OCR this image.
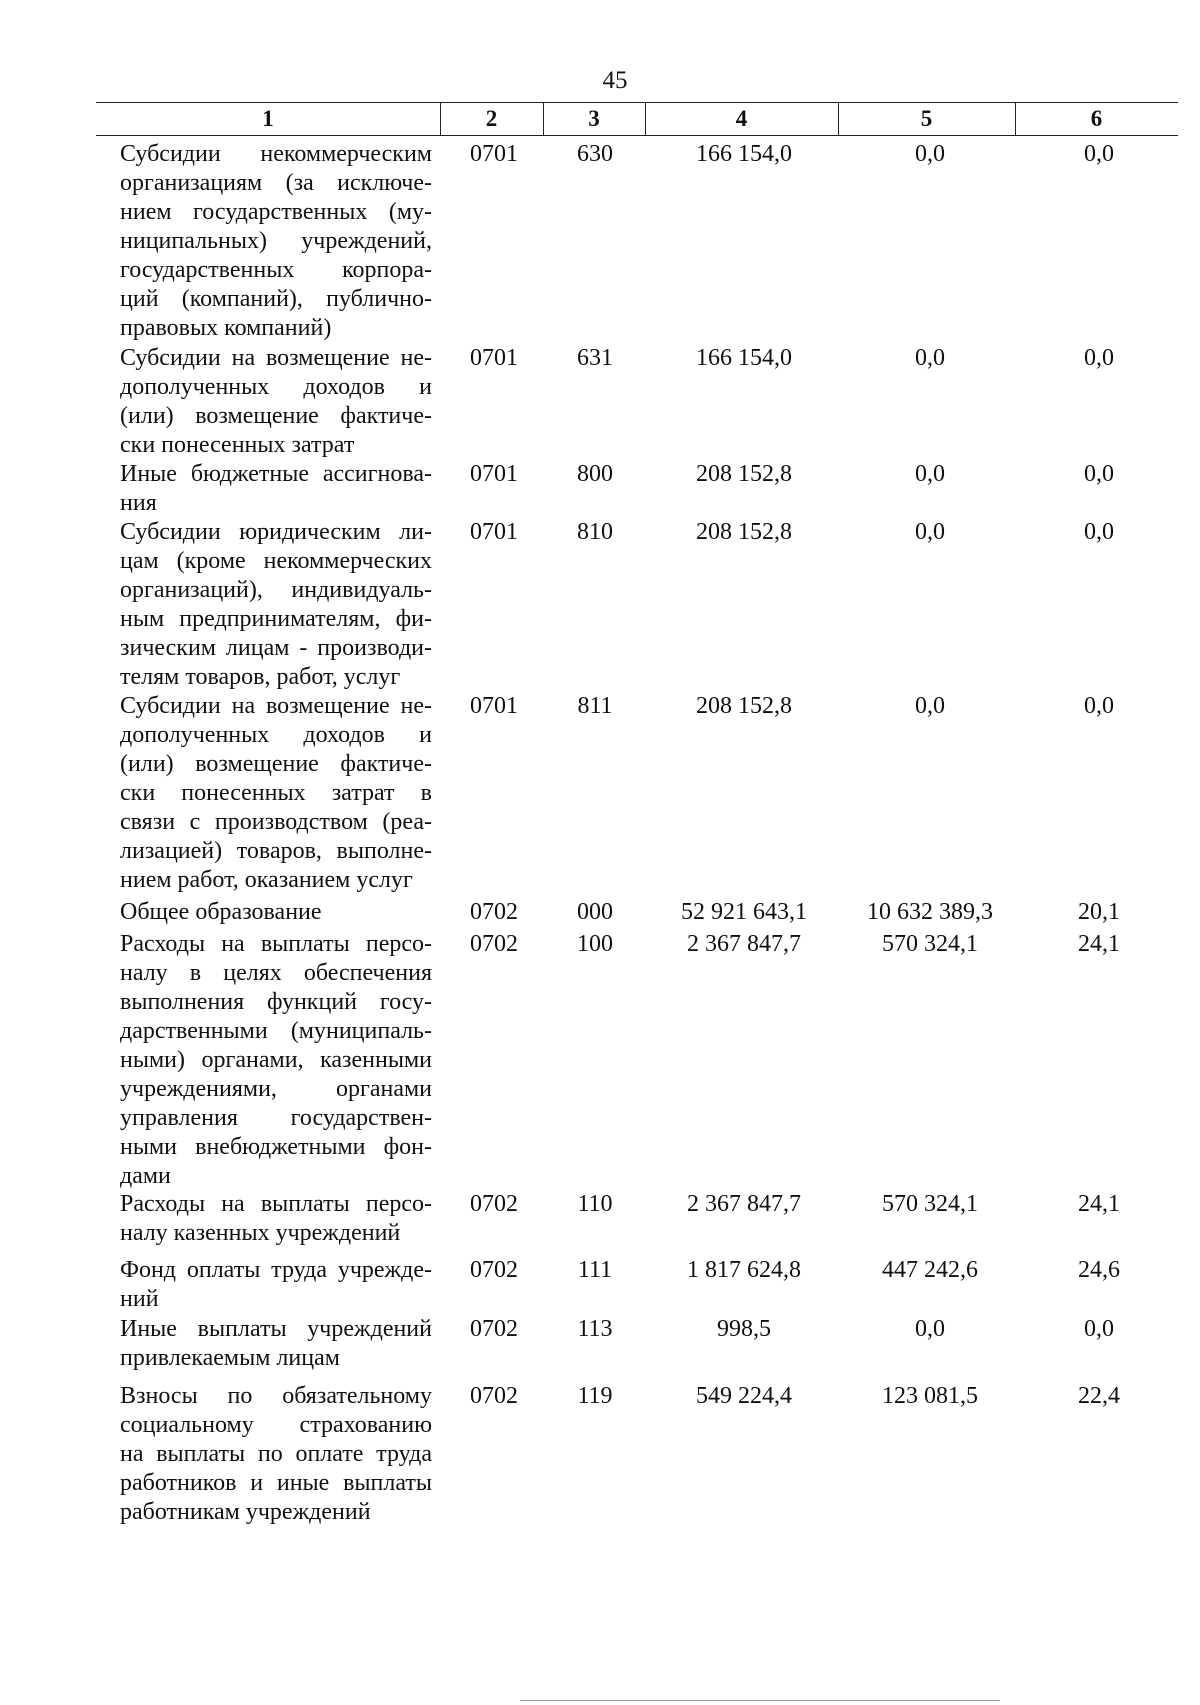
45
1	2	3	4	5	6
Субсидии некоммерческим
организациям (за исключе-
нием государственных (му-
ниципальных) учреждений,
государственных корпора-
ций (компаний), публично-
правовых компаний)
0701	630	166 154,0	0,0	0,0
Субсидии на возмещение не-
дополученных доходов и
(или) возмещение фактиче-
ски понесенных затрат
0701	631	166 154,0	0,0	0,0
Иные бюджетные ассигнова-
ния
0701	800	208 152,8	0,0	0,0
Субсидии юридическим ли-
цам (кроме некоммерческих
организаций), индивидуаль-
ным предпринимателям, фи-
зическим лицам - производи-
телям товаров, работ, услуг
0701	810	208 152,8	0,0	0,0
Субсидии на возмещение не-
дополученных доходов и
(или) возмещение фактиче-
ски понесенных затрат в
связи с производством (реа-
лизацией) товаров, выполне-
нием работ, оказанием услуг
0701	811	208 152,8	0,0	0,0
Общее образование	0702	000	52 921 643,1	10 632 389,3	20,1
Расходы на выплаты персо-
налу в целях обеспечения
выполнения функций госу-
дарственными (муниципаль-
ными) органами, казенными
учреждениями, органами
управления государствен-
ными внебюджетными фон-
дами
0702	100	2 367 847,7	570 324,1	24,1
Расходы на выплаты персо-
налу казенных учреждений
0702	110	2 367 847,7	570 324,1	24,1
Фонд оплаты труда учрежде-
ний
0702	111	1 817 624,8	447 242,6	24,6
Иные выплаты учреждений
привлекаемым лицам
0702	113	998,5	0,0	0,0
Взносы по обязательному
социальному страхованию
на выплаты по оплате труда
работников и иные выплаты
работникам учреждений
0702	119	549 224,4	123 081,5	22,4
